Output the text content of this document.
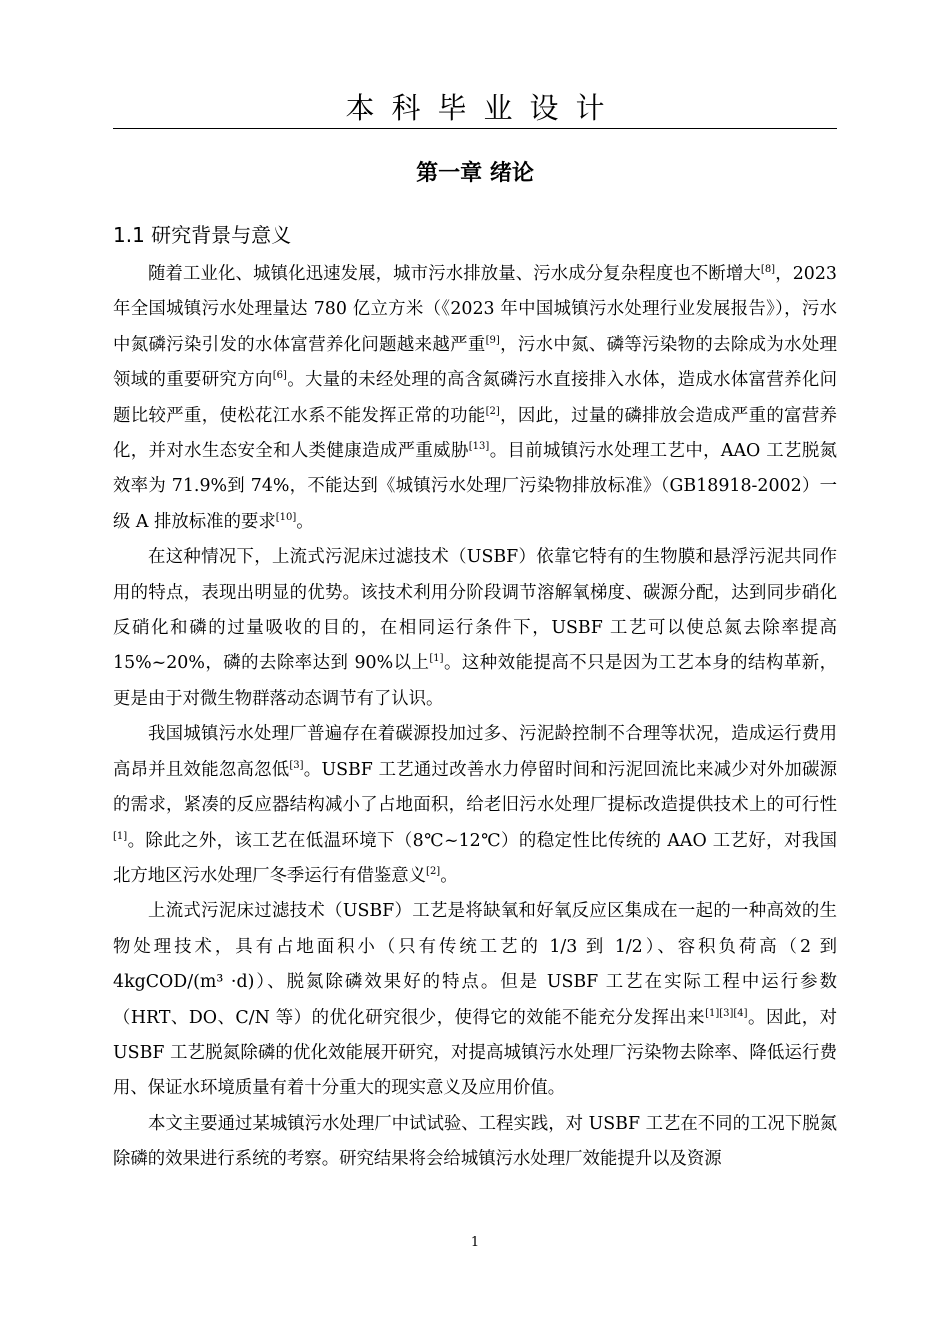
本科毕业设计
第一章 绪论
1.1 研究背景与意义

随着工业化、城镇化迅速发展，城市污水排放量、污水成分复杂程度也不断增大[8]，2023 年全国城镇污水处理量达 780 亿立方米（《2023 年中国城镇污水处理行业发展报告》），污水中氮磷污染引发的水体富营养化问题越来越严重[9]，污水中氮、磷等污染物的去除成为水处理领域的重要研究方向[6]。大量的未经处理的高含氮磷污水直接排入水体，造成水体富营养化问题比较严重，使松花江水系不能发挥正常的功能[2]，因此，过量的磷排放会造成严重的富营养化，并对水生态安全和人类健康造成严重威胁[13]。目前城镇污水处理工艺中，AAO 工艺脱氮效率为 71.9%到 74%，不能达到《城镇污水处理厂污染物排放标准》（GB18918-2002）一级 A 排放标准的要求[10]。

在这种情况下，上流式污泥床过滤技术（USBF）依靠它特有的生物膜和悬浮污泥共同作用的特点，表现出明显的优势。该技术利用分阶段调节溶解氧梯度、碳源分配，达到同步硝化反硝化和磷的过量吸收的目的，在相同运行条件下，USBF 工艺可以使总氮去除率提高 15%~20%，磷的去除率达到 90%以上[1]。这种效能提高不只是因为工艺本身的结构革新，更是由于对微生物群落动态调节有了认识。

我国城镇污水处理厂普遍存在着碳源投加过多、污泥龄控制不合理等状况，造成运行费用高昂并且效能忽高忽低[3]。USBF 工艺通过改善水力停留时间和污泥回流比来减少对外加碳源的需求，紧凑的反应器结构减小了占地面积，给老旧污水处理厂提标改造提供技术上的可行性[1]。除此之外，该工艺在低温环境下（8℃~12℃）的稳定性比传统的 AAO 工艺好，对我国北方地区污水处理厂冬季运行有借鉴意义[2]。

上流式污泥床过滤技术（USBF）工艺是将缺氧和好氧反应区集成在一起的一种高效的生物处理技术，具有占地面积小（只有传统工艺的 1/3 到 1/2）、容积负荷高（2 到 4kgCOD/(m³ ·d)）、脱氮除磷效果好的特点。但是 USBF 工艺在实际工程中运行参数（HRT、DO、C/N 等）的优化研究很少，使得它的效能不能充分发挥出来[1][3][4]。因此，对 USBF 工艺脱氮除磷的优化效能展开研究，对提高城镇污水处理厂污染物去除率、降低运行费用、保证水环境质量有着十分重大的现实意义及应用价值。

本文主要通过某城镇污水处理厂中试试验、工程实践，对 USBF 工艺在不同的工况下脱氮除磷的效果进行系统的考察。研究结果将会给城镇污水处理厂效能提升以及资源

1
